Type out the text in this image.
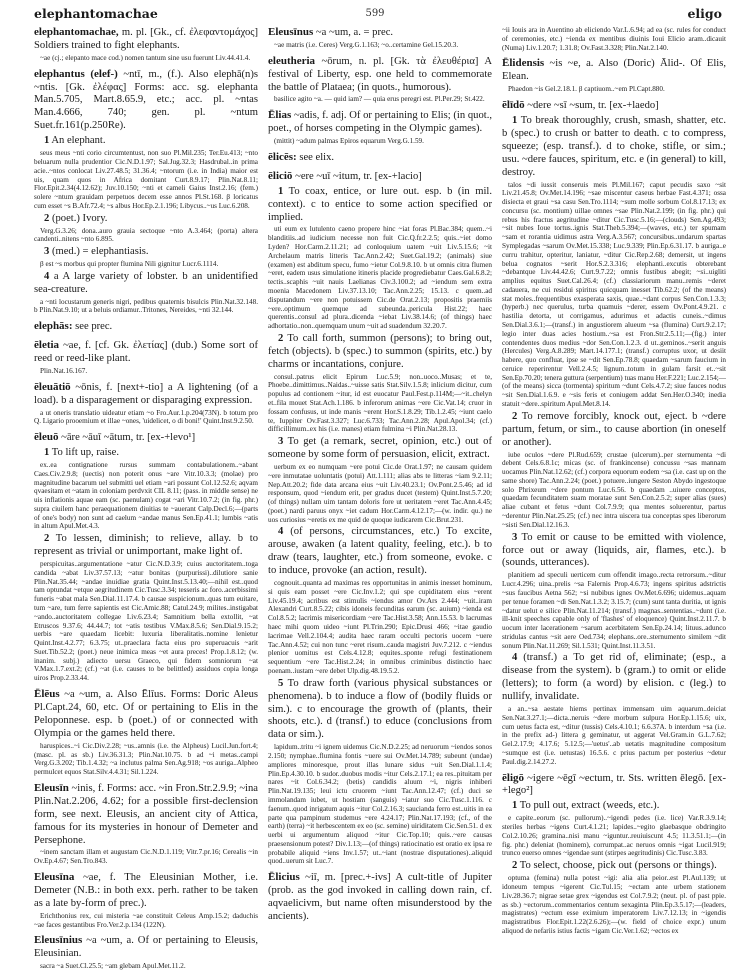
elephantomachae	599	eligo

elephantomachae, m. pl. [Gk., cf. ἐλεφαντομάχος] Soldiers trained to fight elephants.

~ae (cj.; elepanto mace cod.) nomen tantum sine usu fuerunt Liv.44.41.4.

elephantus (elef-) ~ntī, m., (f.). Also elephā(n)s ~ntis. [Gk. ἐλέφας] Forms: acc. sg. elephanta Man.5.705, Mart.8.65.9, etc.; acc. pl. ~ntas Man.4.666, 740; gen. pl. ~ntum Suet.fr.161(p.250Re).

1 An elephant.

seus meus ~nti corio circumtentust, non suo Pl.Mil.235; Ter.Eu.413; ~nto beluarum nulla prudentior Cic.N.D.1.97; Sal.Jug.32.3; Hasdrubal..in prima acie..~ntos conlocat Liv.27.48.5; 31.36.4; ~ntorum (i.e. in India) maior est uis, quam quos in Africa domitant Curt.8.9.17; Plin.Nat.8.11; Flor.Epit.2.34(4.12.62); Juv.10.150; ~nti et cameli Gaius Inst.2.16; (fem.) solere ~ntum grauidam perpetuos decem esse annos Pl.St.168. β loricatus cum esset ~s B.Afr.72.4; ~s albus Hor.Ep.2.1.196; Libycus..~us Luc.6.208.

2 (poet.) Ivory.

Verg.G.3.26; dona..auro grauia sectoque ~nto A.3.464; (porta) altera candenti..nitens ~nto 6.895.

3 (med.) = elephantiasis.

β est ~s morbus qui propter flumina Nili gignitur Lucr.6.1114.

4 a A large variety of lobster. b an unidentified sea-creature.

a ~nti locustarum generis nigri, pedibus quaternis bisulcis Plin.Nat.32.148. b Plin.Nat.9.10; ut a beluis ordiamur..Tritones, Nereides, ~nti 32.144.

elephās: see prec.

ēletia ~ae, f. [cf. Gk. ἐλετίας] (dub.) Some sort of reed or reed-like plant.

Plin.Nat.16.167.

ēleuātiō ~ōnis, f. [next+-tio] a A lightening (of a load). b a disparagement or disparaging expression.

a ut oneris translatio uideatur etiam ~o Fro.Aur.1.p.204(73N). b totum pro Q. Ligario prooemium et illae ~ones, 'uidelicet, o di boni!' Quint.Inst.9.2.50.

ēleuō ~āre ~āuī ~ātum, tr. [ex-+levo¹]

1 To lift up, raise.

ex..ea contignatione rursus summam contabulationem..~abant Caes.Civ.2.9.8; (uectis) non poterit onus ~are Vitr.10.3.3; (molae) pro magnitudine bacarum uel submitti uel etiam ~ari possunt Col.12.52.6; aqvam qvaesitam et ~atam in coloniam perdvxit CIL 8.11; (pass. in middle sense) ne uis inflationis aquae eam (sc. paenulam) cogat ~ari Vitr.10.7.2; (in fig. phr.) supra ciuilem hanc peraequationem diuitias te ~auerant Calp.Decl.6;—(parts of one's body) non sunt ad caelum ~andae manus Sen.Ep.41.1; lumbis ~atis in altum Apul.Met.4.3.

2 To lessen, diminish; to relieve, allay. b to represent as trivial or unimportant, make light of.

perspicuitas..argumentatione ~atur Cic.N.D.3.9; cuius auctoritatem..toga candida ~abat Liv.37.57.13; ~atur bonitas (purpurissi)..dilutiore sanie Plin.Nat.35.44; ~andae inuidiae gratia Quint.Inst.5.13.40;—nihil est..quod tam optundat ~etque aegritudinem Cic.Tusc.3.34; tesseris ac foro..acerbissimi funeris ~abat mala Sen.Dial.11.17.4. b causae suspicionum..quas tum euitare, tum ~are, tum ferre sapientis est Cic.Amic.88; Catul.24.9; milites..instigabat ~ando..auctoritatem collegae Liv.6.23.4; Samnitium bella extollit, ~at Etruscos 9.37.6; 44.44.7; tot ~atis testibus V.Max.8.5.6; Sen.Dial.9.15.2; uerbis ~are quaedam licebit: luxuria liberalitatis..nomine lenietur Quint.Inst.4.2.77; 6.3.75; ut..praeclara facta eius pro superuacuis ~arit Suet.Tib.52.2; (poet.) neue inimica meas ~et aura preces! Prop.1.8.12; (w. inanim. subj.) adiecto uersu Graeco, qui fidem somniorum ~at V.Max.1.7.ext.2; (cf.) ~at (i.e. causes to be belittled) assiduos copia longa uiros Prop.2.33.44.

Ēlēus ~a ~um, a. Also Ēlīus. Forms: Doric Aleus Pl.Capt.24, 60, etc. Of or pertaining to Elis in the Peloponnese. esp. b (poet.) of or connected with Olympia or the games held there.

haruspices..~i Cic.Div.2.28; ~us..amnis (i.e. the Alpheus) Lucil.Jun.fort.4; (masc. pl. as sb.) Liv.36.31.3; Plin.Nat.10.75. b ad ~i metas..campi Verg.G.3.202; Tib.1.4.32; ~a inclutus palma Sen.Ag.918; ~os auriga..Alpheo permulcet equos Stat.Silv.4.4.31; Sil.1.224.

Eleusīn ~inis, f. Forms: acc. ~in Fron.Str.2.9.9; ~ina Plin.Nat.2.206, 4.62; for a possible first-declension form, see next. Eleusis, an ancient city of Attica, famous for its mysteries in honour of Demeter and Persephone.

~inem sanctam illam et augustam Cic.N.D.1.119; Vitr.7.pr.16; Cerealis ~in Ov.Ep.4.67; Sen.Tro.843.

Eleusīna ~ae, f. The Eleusinian Mother, i.e. Demeter (N.B.: in both exx. perh. rather to be taken as a late by-form of prec.).

Erichthonius rex, cui misteria ~ae constituit Celeus Amp.15.2; daduchis ~ae faces gestantibus Fro.Ver.2.p.134 (122N).

Eleusīnius ~a ~um, a. Of or pertaining to Eleusis, Eleusinian.

sacra ~a Suet.Cl.25.5; ~am glebam Apul.Met.11.2.

Eleusīnus ~a ~um, a. = prec.

~ae matris (i.e. Ceres) Verg.G.1.163; ~o..certamine Gel.15.20.3.

eleutheria ~ōrum, n. pl. [Gk. τὰ ἐλευθέρια] A festival of Liberty, esp. one held to commemorate the battle of Plataea; (in quots., humorous).

basilice agito ~a. — quid iam? — quia erus peregri est. Pl.Per.29; St.422.

Ēlias ~adis, f. adj. Of or pertaining to Elis; (in quot., poet., of horses competing in the Olympic games).

(mittit) ~adum palmas Epiros equarum Verg.G.1.59.

ēlicēs: see elix.

ēliciō ~ere ~uī ~itum, tr. [ex-+lacio]

1 To coax, entice, or lure out. esp. b (in mil. context). c to entice to some action specified or implied.

uti eum ex lutulento caeno propere hinc ~iat foras Pl.Bac.384; quem..~i blanditiis..ad iudicium necesse non fuit Cic.Q.fr.2.2.5; quis..~iet domo Lyden? Hor.Carm.2.11.21; ad conloquium uatem ~uit Liv.5.15.6; ~it Archelaum matris litteris Tac.Ann.2.42; Suet.Gal.19.2; (animals) siue (examen) est abditum specu, fumo ~ietur Col.9.8.10. b ut omnis citra flumen ~eret, eadem usus simulatione itineris placide progrediebatur Caes.Gal.6.8.2; tectis..scaphis ~uit nauis Laelianas Civ.3.100.2; ad ~iendum sem extra moenia Macedonem Liv.37.13.10; Tac.Ann.2.25; 15.13. c quem..ad disputandum ~ere non potuissem Cic.de Orat.2.13; propositis praemiis ~ere..optimum quemque ad subeunda..pericula Hist.22; haec querentis..consul ad plura..dicenda ~iebat Liv.38.14.6; (of things) haec adhortatio..non..quemquam unum ~uit ad suadendum 32.20.7.

2 To call forth, summon (persons); to bring out, fetch (objects). b (spec.) to summon (spirits, etc.) by charms or incantations, conjure.

consul..patrus elicit Epirum Luc.5.9; non..uoco..Musas; et te, Phoebe..dimittimus..Naidas..~uisse satis Stat.Silv.1.5.8; inlicium dicitur, cum populus ad contionem ~itur, id est euocatur Paul.Fest.p.114M;—~it..chelyn et..fila mouet Stat.Ach.1.186. b inferorum animas ~ere Cic.Vat.14; cruor in fossam confusus, ut inde manis ~erent Hor.S.1.8.29; Tib.1.2.45; ~iunt caelo te, Iuppiter Ov.Fast.3.327; Luc.6.733; Tac.Ann.2.28; Apul.Apol.34; (cf.) difficillimum..ex his (i.e. manes) etiam fulmina ~i Plin.Nat.28.13.

3 To get (a remark, secret, opinion, etc.) out of someone by some form of persuasion, elicit, extract.

uerbum ex eo numquam ~ere potui Cic.de Orat.1.97; ne causam quidem ~ere inmutatae uoluntatis (potui) Att.1.111; alias abs te litteras ~iam 9.2.11; Nep.Att.20.2; fide data arcana eius ~uit Liv.40.23.1; Ov.Pont.2.5.46; ad id responsum, quod ~iendum erit, per gradus ducet (testem) Quint.Inst.5.7.20; (of things) nullam uim tantam doloris fore ut ueritatem ~eret Tac.Ann.4.45; (poet.) nardi paruus onyx ~iet cadum Hor.Carm.4.12.17;—(w. indir. qu.) ne uos curiosius ~eretis ex me quid de quoque iudicarem Cic.Brut.231.

4 (of persons, circumstances, etc.) To excite, arouse, awaken (a latent quality, feeling, etc.). b to draw (tears, laughter, etc.) from someone, evoke. c to induce, provoke (an action, result).

cognouit..quanta ad maximas res opportunitas in animis inesset hominum, si quis eam posset ~ere Cic.Inv.1.2; qui spe cupiditatem eius ~erent Liv.45.19.4; acribus est stimulis ~iendus amor Ov.Ars 2.444; ~uit..iram Alexandri Curt.8.5.22; cibis idoneis fecunditas earum (sc. auium) ~ienda est Col.8.5.2; lacrimis misericordiam ~ere Tac.Hist.3.58; Ann.15.53. b lacrumas haec mihi quom uideo ~iunt Pl.Trin.290; Epic.Drusi 466; ~itae gaudio lacrimae Vell.2.104.4; audita haec raram occulti pectoris uocem ~uere Tac.Ann.4.52; cui non tunc ~eret risum..cauda magistri Juv.7.212. c ~iendus plenior uomitus est Cels.4.12.8; equites..sponte refugi festinationem sequentium ~ere Tac.Hist.2.24; in omnibus criminibus distinctio haec poenam..iustam ~ere debet Ulp.dig.48.19.5.2.

5 To draw forth (various physical substances or phenomena). b to induce a flow of (bodily fluids or sim.). c to encourage the growth of (plants, their shoots, etc.). d (transf.) to educe (conclusions from data or sim.).

lapidum..tritu ~i ignem uidemus Cic.N.D.2.25; ad neruorum ~iendos sonos 2.150; nymphae..flumina fontis ~uere sui Ov.Met.14.789; subeunt (undae) ampliores minoresque, prout illas lunare sidus ~uit Sen.Dial.1.1.4; Plin.Ep.4.30.10. b sudor..duobus modis ~itur Cels.2.17.1; ea res..pituitam per nares ~it Col.6.34.2; (betis) candidis aluum ~i, nigris inhiberi Plin.Nat.19.135; leui ictu cruorem ~iunt Tac.Ann.12.47; (cf.) duci se immolandam iubet, ut hostiam (sanguis) ~iatur suo Cic.Tusc.1.116. c faenum..quod inrigatum aquis ~itur Col.2.16.3; sauciandа ferro est..uitis in ea parte qua pampinum studemus ~ere 4.24.17; Plin.Nat.17.193; (cf., of the earth) (terra) ~it herbescentem ex eo (sc. semine) uiriditatem Cic.Sen.51. d ex uerbi ui argumentum aliquod ~itur Cic.Top.10; quis..~ere causas praesensionum potest? Div.1.13;—(of things) ratiocinatio est oratio ex ipsa re probabile aliquid ~iens Inv.1.57; ut..~iant (nostrae disputationes)..aliquid quod..uerum sit Luc.7.

Ēlicius ~iī, m. [prec.+-ivs] A cult-title of Jupiter (prob. as the god invoked in calling down rain, cf. aqvaelicivm, but name often misunderstood by the ancients).

~ii Iouis ara in Auentino ab eliciendo Var.L.6.94; ad ea (sc. rules for conduct of ceremonies, etc.) ~ienda ex mentibus diuinis Ioui Elicio aram..dicauit (Numa) Liv.1.20.7; 1.31.8; Ov.Fast.3.328; Plin.Nat.2.140.

Ēlidensis ~is ~e, a. Also (Doric) Ālid-. Of Elis, Elean.

Phaedon ~is Gel.2.18.1. β captiuom..~em Pl.Capt.880.

ēlīdō ~dere ~sī ~sum, tr. [ex-+laedo]

1 To break thoroughly, crush, smash, shatter, etc. b (spec.) to crush or batter to death. c to compress, squeeze; (esp. transf.). d to choke, stifle, or sim.; usu. ~dere fauces, spiritum, etc. e (in general) to kill, destroy.

talos ~di iussit conseruis meis Pl.Mil.167; caput pecudis saxo ~sit Liv.21.45.8; Ov.Met.14.196; ~sae miscentur caseus herbae Fast.4.371; ossa disiecta et graui ~sa casu Sen.Tro.1114; ~sum molle sorbum Col.8.17.13; ex concursu (sc. montium) uillae omnes ~sae Plin.Nat.2.199; (in fig. phr.) qui rebus his fractus aegritudine ~ditur Cic.Tusc.5.16;—(clouds) Sen.Ag.493; ~sit nubes Ioue tortus..ignis Stat.Theb.5.394;—(waves, etc.) ter spumam ~sam et rorantia uidimus astra Verg.A.3.567; concursibus..undarum spartas Symplegadas ~sarum Ov.Met.15.338; Luc.9.339; Plin.Ep.6.31.17. b auriga..e curru trahitur, opteritur, laniatur, ~ditur Cic.Rep.2.68; demersit, ut ingens belua cognatos ~serit Hor.S.2.3.316; elephanti..excutis obterebant ~debantque Liv.44.42.6; Curt.9.7.22; omnis fustibus abegit; ~si..uigliti amplius equitus Suet.Cal.26.4; (cf.) classiariorum manu..remis ~deret cadauera, ne cui residui spiritus quicquam inesset Tib.62.2; (of the means) stat moles..frequentibus exasperata saxis, quae..~dant corpus Sen.Con.1.3.3; (hyperb.) nec querulus, turba quamuis ~derer, essem Ov.Pont.4.9.21. c hastilia detorta, ut corrigamus, adurimus et adactis cuneis..~dimus Sen.Dial.3.6.1;—(transf.) in angustiorem alueum ~sa (flumina) Curt.9.2.17; legio inter duas acies hostium..~sa est Fron.Str.2.5.11;—(fig.) inter contendentes duos medius ~dor Sen.Con.1.2.3. d ut..geminos..~serit anguis (Hercules) Verg.A.8.289; Mart.14.177.1; (transf.) corruptus uxor, ut desiit habere, quo confluat, ipse se ~dit Sen.Ep.78.8; quaedam ~sarum faucium in ceruice reperirentur Vell.2.4.5; lignum..totum in gulam farsit et..~sit Sen.Ep.70.20; tenera guttura (serpentium) tuas manu Her.F.221; Luc.2.154;—(of the means) sicca (tormenta) spiritum ~dunt Cels.4.7.2; siue fauces nodus ~sit Sen.Dial.1.6.9. e ~sis feris et coniugem addat Sen.Her.O.340; inedia statuit ~dere..spiritum Apul.Met.8.14.

2 To remove forcibly, knock out, eject. b ~dere partum, fetum, or sim., to cause abortion (in oneself or another).

iube oculos ~dere Pl.Rud.659; crustae (ulcerum)..per sternumenta ~di debent Cels.6.8.1c; micas (sc. of frankincense) concussu ~sas mannam uocamus Plin.Nat.12.62; (cf.) corpora equorum eodem ~sa (i.e. cast up on the same shore) Tac.Ann.2.24; (poet.) potuere..iungere Seston Abydo ingestoque solo Phrixeum ~dere pontum Luc.6.56. b quaedam ..uiuere conceptos, quaedam fecunditatem suam moratae sunt Sen.Con.2.5.2; super alias (sues) aliae cubant et fetus ~dunt Col.7.9.9; qua mentes soluerentur, partus ~derentur Plin.Nat.25.25; (cf.) nec intra uiscera tua conceptas spes liberorum ~sisti Sen.Dial.12.16.3.

3 To emit or cause to be emitted with violence, force out or away (liquids, air, flames, etc.). b (sounds, utterances).

planitiem ad speculi uerticem cum offendit imago..recta retrorsum..~ditur Lucr.4.296; uina..prelis ~sa Falernis Prop.4.6.73; ingens spiritus adstrictis ~sus faucibus Aetna 562; ~si nubibus ignes Ov.Met.6.696; uidemus..aquam per tenue foramen ~di Sen.Nat.1.3.2; 3.15.7; (cum) sunt tanta duritia, ut ignis ~datur uelut e silice Plin.Nat.11.214; (transf.) magnas..sententias..~dunt (i.e. ill-knit speeches capable only of 'flashes' of eloquence) Quint.Inst.2.11.7. b uocum inter lacerationem ~sarum acerbitatem Sen.Ep.24.14; lituus..adunco stridulas cantus ~sit aere Oed.734; elephans..ore..sternumento similem ~dit sonum Plin.Nat.11.269; Sil.1.531; Quint.Inst.11.3.51.

4 (transf.) a To get rid of, eliminate; (esp., a disease from the system). b (gram.) to omit or elide (letters); to form (a word) by elision. c (leg.) to nullify, invalidate.

a an..~sa aestate hiems pertinax immensam uim aquarum..deiciat Sen.Nat.3.27.1;—dicta..neruis ~dere morbum sulpura Hor.Ep.1.15.6; uix, cum uetus facta est, ~ditur (tussis) Cels.4.10.1; 6.6.37A. b interdum ~sa (i.e. in the prefix ad-) littera g geminatur, ut aggerat Vel.Gram.in G.L.7.62; Gel.2.17.9; 4.17.6; 5.12.5;—'uetus'..ab uetatis magnitudine compositum ~sumque est (i.e. uetustas) 16.5.6. c prius pactum per posterius ~detur Paul.dig.2.14.27.2.

ēligō ~igere ~ēgī ~ectum, tr. Sts. written ēlegō. [ex-+lego²]

1 To pull out, extract (weeds, etc.).

e capite..eorum (sc. pullorum)..~igendi pedes (i.e. lice) Var.R.3.9.14; steriles herbas ~igens Curt.4.1.21; lapides..~egito glaebasque obdringito Col.2.10.26; gramina..nisi manu ~iguntur..reuiuiscunt 4.5; 11.3.51.1;—(in fig. phr.) deleniat (hominem), corrumpat..ac neruos omnis ~igat Lucil.919; trunco euerso omnes ~igendae sunt (stirpes aegritudinis) Cic.Tusc.3.83.

2 To select, choose, pick out (persons or things).

optuma (femina) nulla potest ~igi: alia alia peior..est Pl.Aul.139; ut idoneum tempus ~igerent Cic.Tul.15; ~ectam ante urbem stationem Liv.28.36.7; nigrae setae grex ~igendus est Col.7.9.2; (neut. pl. of past ppie. as sb.) ~ectorum..commentarios centum sexaginta Plin.Ep.3.5.17;—(leaders, magistrates) ~ectum esse eximium imperatorem Liv.7.12.13; in ~igendis magistratibus Flor.Epit.1.22(2.6.26);—(w. field of choice expr.) unum aliquod de nefariis istius factis ~igam Cic.Ver.1.62; ~ectos ex
